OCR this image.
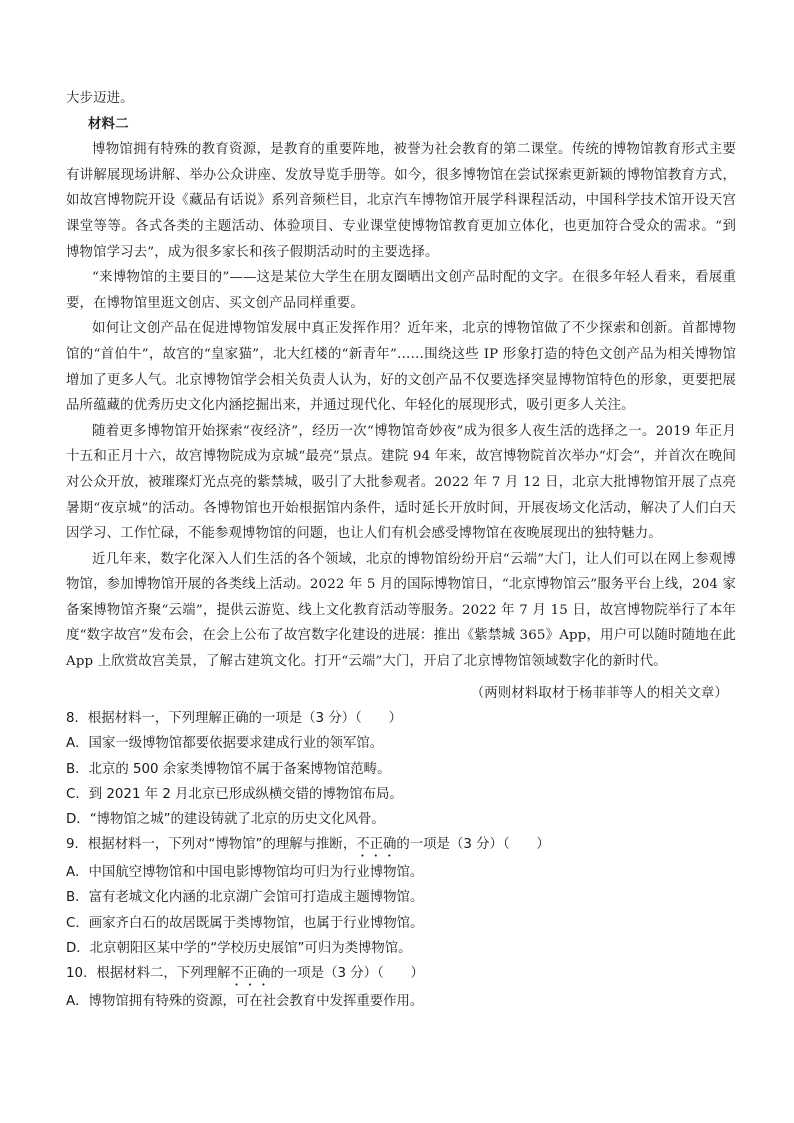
大步迈进。

材料二

博物馆拥有特殊的教育资源，是教育的重要阵地，被誉为社会教育的第二课堂。传统的博物馆教育形式主要有讲解展现场讲解、举办公众讲座、发放导览手册等。如今，很多博物馆在尝试探索更新颖的博物馆教育方式，如故宫博物院开设《藏品有话说》系列音频栏目，北京汽车博物馆开展学科课程活动，中国科学技术馆开设天宫课堂等等。各式各类的主题活动、体验项目、专业课堂使博物馆教育更加立体化，也更加符合受众的需求。“到博物馆学习去”，成为很多家长和孩子假期活动时的主要选择。

“来博物馆的主要目的”——这是某位大学生在朋友圈晒出文创产品时配的文字。在很多年轻人看来，看展重要，在博物馆里逛文创店、买文创产品同样重要。

如何让文创产品在促进博物馆发展中真正发挥作用？近年来，北京的博物馆做了不少探索和创新。首都博物馆的“首伯牛”，故宫的“皇家猫”，北大红楼的“新青年”……围绕这些 IP 形象打造的特色文创产品为相关博物馆增加了更多人气。北京博物馆学会相关负责人认为，好的文创产品不仅要选择突显博物馆特色的形象，更要把展品所蕴藏的优秀历史文化内涵挖掘出来，并通过现代化、年轻化的展现形式，吸引更多人关注。

随着更多博物馆开始探索“夜经济”，经历一次“博物馆奇妙夜”成为很多人夜生活的选择之一。2019 年正月十五和正月十六，故宫博物院成为京城“最亮”景点。建院 94 年来，故宫博物院首次举办“灯会”，并首次在晚间对公众开放，被璀璨灯光点亮的紫禁城，吸引了大批参观者。2022 年 7 月 12 日，北京大批博物馆开展了点亮暑期“夜京城”的活动。各博物馆也开始根据馆内条件，适时延长开放时间，开展夜场文化活动，解决了人们白天因学习、工作忙碌，不能参观博物馆的问题，也让人们有机会感受博物馆在夜晚展现出的独特魅力。

近几年来，数字化深入人们生活的各个领域，北京的博物馆纷纷开启“云端”大门，让人们可以在网上参观博物馆，参加博物馆开展的各类线上活动。2022 年 5 月的国际博物馆日，“北京博物馆云”服务平台上线，204 家备案博物馆齐聚“云端”，提供云游览、线上文化教育活动等服务。2022 年 7 月 15 日，故宫博物院举行了本年度“数字故宫”发布会，在会上公布了故宫数字化建设的进展：推出《紫禁城 365》App，用户可以随时随地在此 App 上欣赏故宫美景，了解古建筑文化。打开“云端”大门，开启了北京博物馆领域数字化的新时代。

（两则材料取材于杨菲菲等人的相关文章）

8．根据材料一，下列理解正确的一项是（3 分）（　　）

A．国家一级博物馆都要依据要求建成行业的领军馆。

B．北京的 500 余家类博物馆不属于备案博物馆范畴。

C．到 2021 年 2 月北京已形成纵横交错的博物馆布局。

D．“博物馆之城”的建设铸就了北京的历史文化风骨。

9．根据材料一，下列对“博物馆”的理解与推断，不正确的一项是（3 分）（　　）

A．中国航空博物馆和中国电影博物馆均可归为行业博物馆。

B．富有老城文化内涵的北京湖广会馆可打造成主题博物馆。

C．画家齐白石的故居既属于类博物馆，也属于行业博物馆。

D．北京朝阳区某中学的“学校历史展馆”可归为类博物馆。

10．根据材料二，下列理解不正确的一项是（3 分）（　　）

A．博物馆拥有特殊的资源，可在社会教育中发挥重要作用。
